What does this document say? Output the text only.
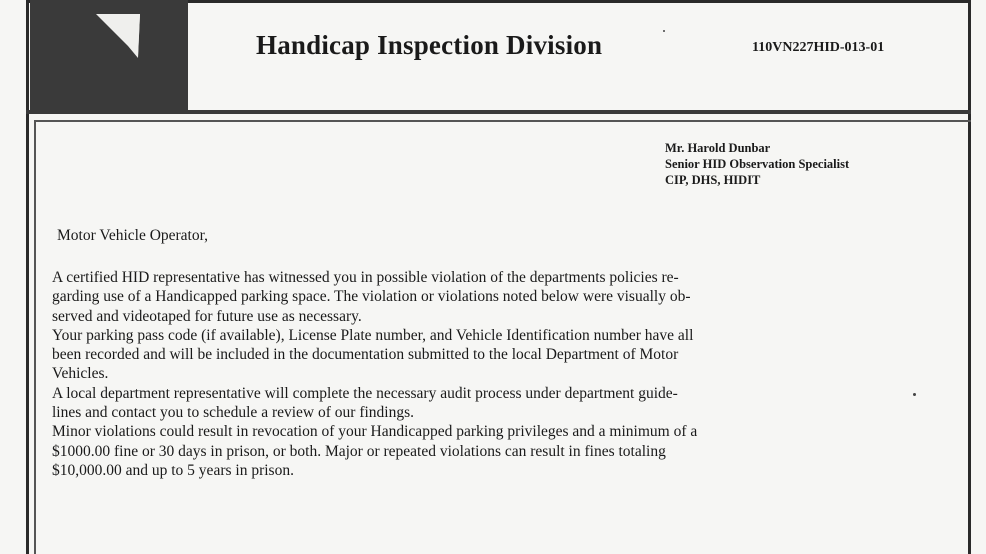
Handicap Inspection Division	110VN227HID-013-01
Mr. Harold Dunbar
Senior HID Observation Specialist
CIP, DHS, HIDIT
Motor Vehicle Operator,
A certified HID representative has witnessed you in possible violation of the departments policies re-
garding use of a Handicapped parking space. The violation or violations noted below were visually ob-
served and videotaped for future use as necessary.
Your parking pass code (if available), License Plate number, and Vehicle Identification number have all
been recorded and will be included in the documentation submitted to the local Department of Motor
Vehicles.
A local department representative will complete the necessary audit process under department guide-
lines and contact you to schedule a review of our findings.
Minor violations could result in revocation of your Handicapped parking privileges and a minimum of a
$1000.00 fine or 30 days in prison, or both. Major or repeated violations can result in fines totaling
$10,000.00 and up to 5 years in prison.
